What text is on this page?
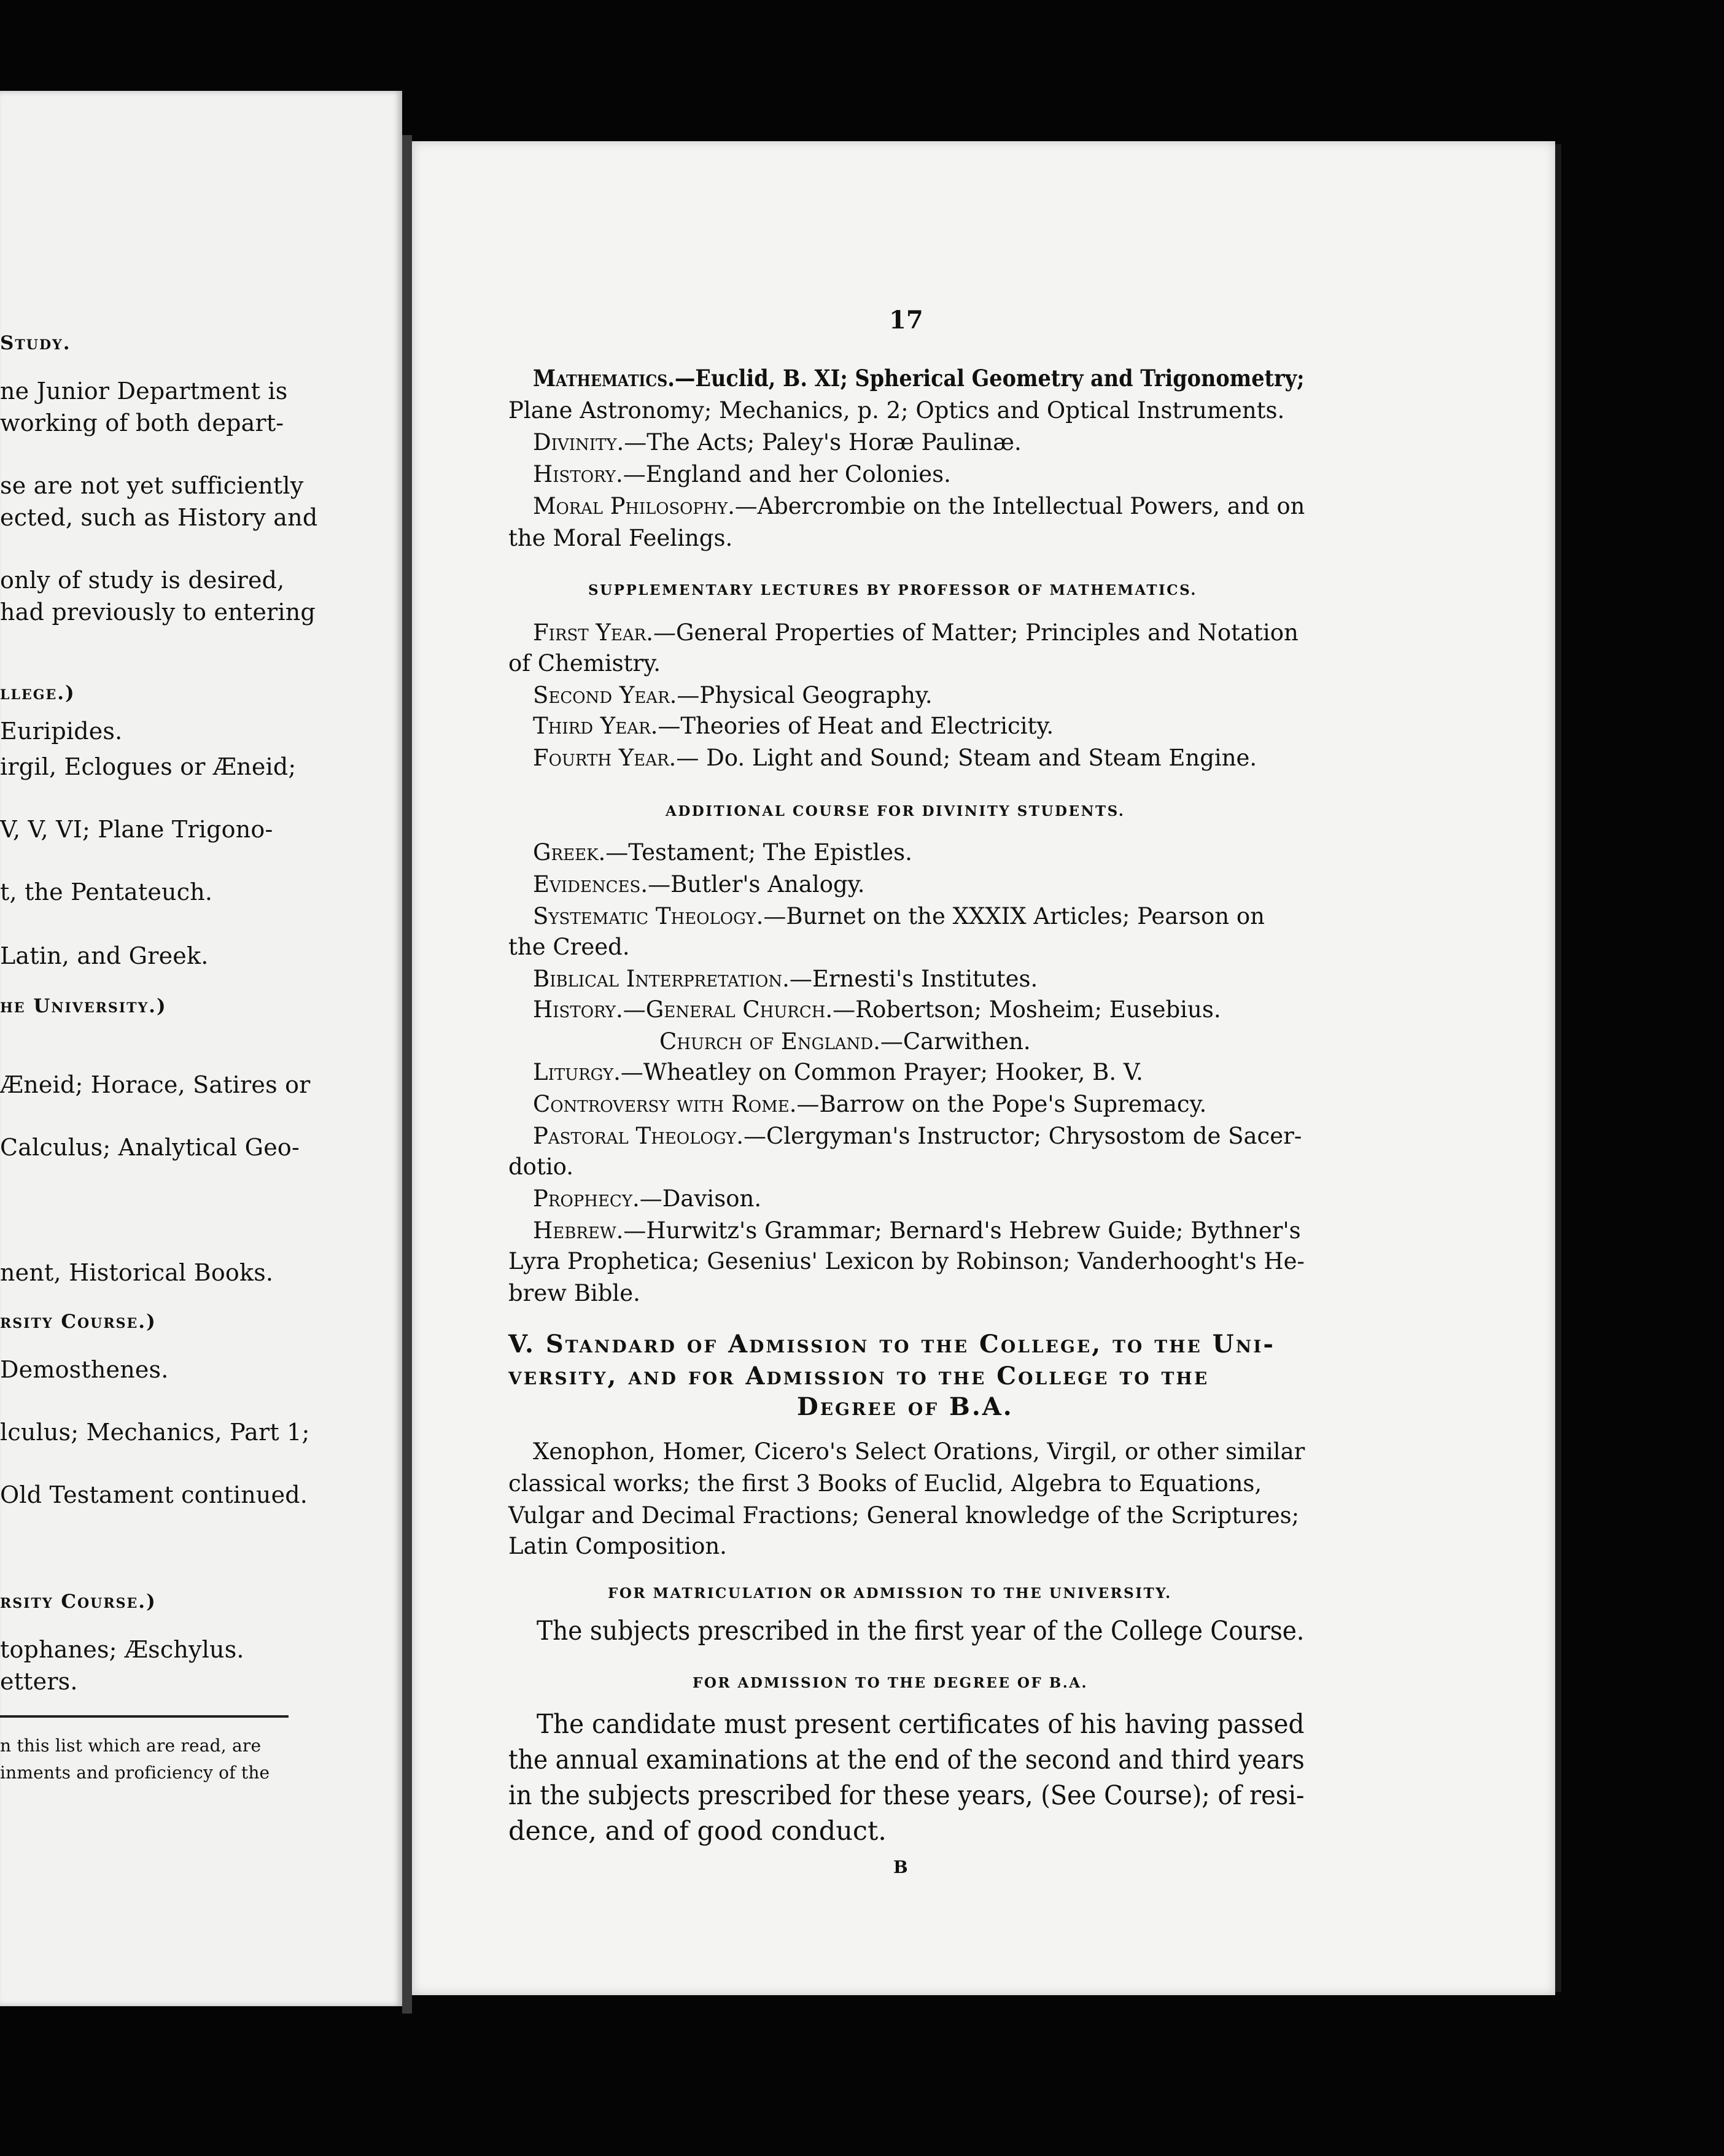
Study.
ne Junior Department is
working of both depart-
se are not yet sufficiently
ected, such as History and
only of study is desired,
had previously to entering
llege.)
Euripides.
irgil, Eclogues or Æneid;
V, V, VI; Plane Trigono-
t, the Pentateuch.
Latin, and Greek.
he University.)
Æneid; Horace, Satires or
Calculus; Analytical Geo-
nent, Historical Books.
rsity Course.)
Demosthenes.
lculus; Mechanics, Part 1;
Old Testament continued.
rsity Course.)
tophanes; Æschylus.
etters.
n this list which are read, are
inments and proficiency of the
17
Mathematics.—Euclid, B. XI; Spherical Geometry and Trigonometry;
Plane Astronomy; Mechanics, p. 2; Optics and Optical Instruments.
Divinity.—The Acts; Paley's Horæ Paulinæ.
History.—England and her Colonies.
Moral Philosophy.—Abercrombie on the Intellectual Powers, and on
the Moral Feelings.
SUPPLEMENTARY LECTURES BY PROFESSOR OF MATHEMATICS.
First Year.—General Properties of Matter; Principles and Notation
of Chemistry.
Second Year.—Physical Geography.
Third Year.—Theories of Heat and Electricity.
Fourth Year.— Do. Light and Sound; Steam and Steam Engine.
ADDITIONAL COURSE FOR DIVINITY STUDENTS.
Greek.—Testament; The Epistles.
Evidences.—Butler's Analogy.
Systematic Theology.—Burnet on the XXXIX Articles; Pearson on
the Creed.
Biblical Interpretation.—Ernesti's Institutes.
History.—General Church.—Robertson; Mosheim; Eusebius.
Church of England.—Carwithen.
Liturgy.—Wheatley on Common Prayer; Hooker, B. V.
Controversy with Rome.—Barrow on the Pope's Supremacy.
Pastoral Theology.—Clergyman's Instructor; Chrysostom de Sacer-
dotio.
Prophecy.—Davison.
Hebrew.—Hurwitz's Grammar; Bernard's Hebrew Guide; Bythner's
Lyra Prophetica; Gesenius' Lexicon by Robinson; Vanderhooght's He-
brew Bible.
V. Standard of Admission to the College, to the Uni-
versity, and for Admission to the College to the
Degree of B.A.
Xenophon, Homer, Cicero's Select Orations, Virgil, or other similar
classical works; the first 3 Books of Euclid, Algebra to Equations,
Vulgar and Decimal Fractions; General knowledge of the Scriptures;
Latin Composition.
FOR MATRICULATION OR ADMISSION TO THE UNIVERSITY.
The subjects prescribed in the first year of the College Course.
FOR ADMISSION TO THE DEGREE OF B.A.
The candidate must present certificates of his having passed
the annual examinations at the end of the second and third years
in the subjects prescribed for these years, (See Course); of resi-
dence, and of good conduct.
B
